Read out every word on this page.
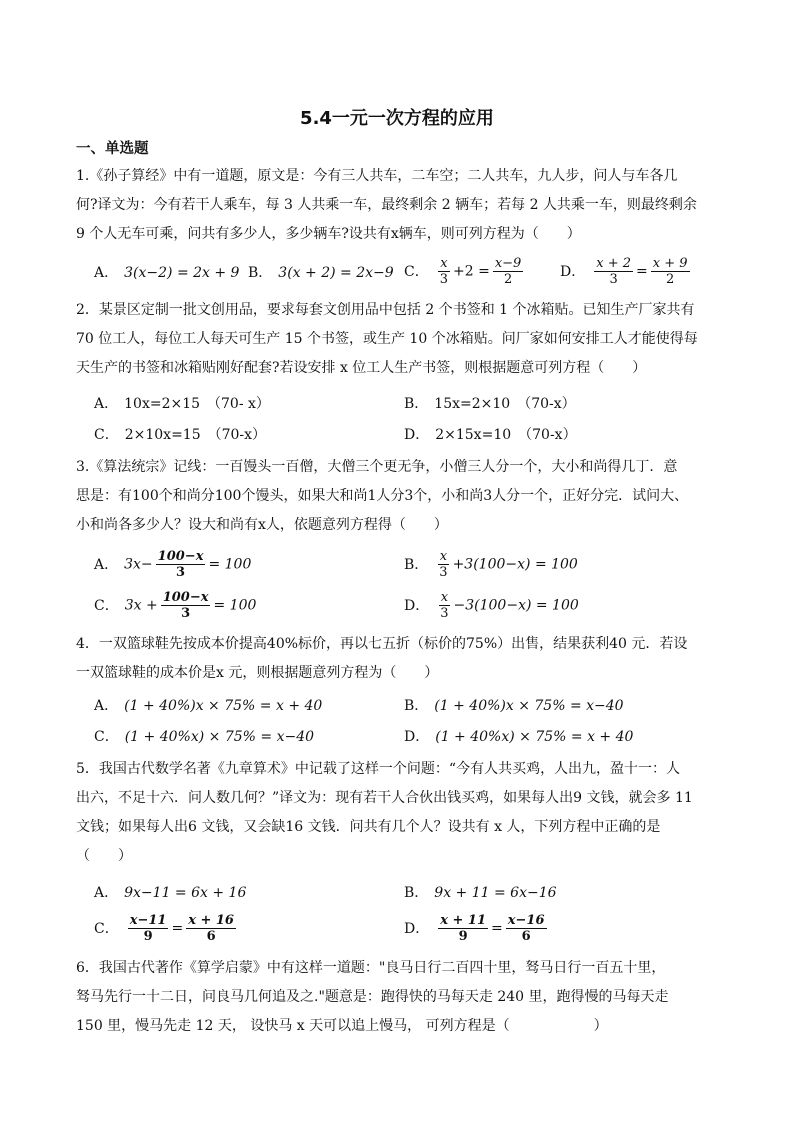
5.4一元一次方程的应用
一、单选题
1.《孙子算经》中有一道题，原文是：今有三人共车，二车空；二人共车，九人步，问人与车各几
何?译文为：今有若干人乘车，每 3 人共乘一车，最终剩余 2 辆车；若每 2 人共乘一车，则最终剩余
9 个人无车可乘，问共有多少人，多少辆车?设共有x辆车，则可列方程为（　　）
A． 3(x−2) = 2x + 9 B． 3(x + 2) = 2x−9 C． $\frac{x}{3} +2 = \frac{x-9}{2}$	D． $\frac{x + 2}{3} = \frac{x + 9}{2}$
2．某景区定制一批文创用品，要求每套文创用品中包括 2 个书签和 1 个冰箱贴。已知生产厂家共有
70 位工人，每位工人每天可生产 15 个书签，或生产 10 个冰箱贴。问厂家如何安排工人才能使得每
天生产的书签和冰箱贴刚好配套?若设安排 x 位工人生产书签，则根据题意可列方程（　　）
A． 10x=2×15　（70- x）	B． 15x=2×10　（70-x）
C． 2×10x=15　（70-x）	D． 2×15x=10　（70-x）
3.《算法统宗》记线：一百馒头一百僧，大僧三个更无争，小僧三人分一个，大小和尚得几丁．意
思是：有100个和尚分100个馒头，如果大和尚1人分3个，小和尚3人分一个，正好分完．试问大、
小和尚各多少人？设大和尚有x人，依题意列方程得（　　）
A． $3x- \frac{100-x}{3} = 100$	B． $\frac{x}{3} +3(100-x) = 100$
C． $3x + \frac{100-x}{3} = 100$	D． $\frac{x}{3} -3(100-x) = 100$
4．一双篮球鞋先按成本价提高40%标价，再以七五折（标价的75%）出售，结果获利40 元．若设
一双篮球鞋的成本价是x 元，则根据题意列方程为（　　）
A． (1 + 40%)x × 75% = x + 40	B． (1 + 40%)x × 75% = x−40
C． (1 + 40%x) × 75% = x−40	D． (1 + 40%x) × 75% = x + 40
5．我国古代数学名著《九章算术》中记载了这样一个问题：“今有人共买鸡，人出九，盈十一：人
出六，不足十六．问人数几何？”译文为：现有若干人合伙出钱买鸡，如果每人出9 文钱，就会多 11
文钱；如果每人出6 文钱，又会缺16 文钱．问共有几个人？设共有 x 人，下列方程中正确的是
（　　）
A． 9x−11 = 6x + 16	B． 9x + 11 = 6x−16
C． $\frac{x-11}{9} = \frac{x + 16}{6}$	D． $\frac{x + 11}{9} = \frac{x-16}{6}$
6．我国古代著作《算学启蒙》中有这样一道题："良马日行二百四十里，驽马日行一百五十里，
驽马先行一十二日，问良马几何追及之."题意是：跑得快的马每天走 240 里，跑得慢的马每天走
150 里，慢马先走 12 天， 设快马 x 天可以追上慢马， 可列方程是（　　　　　　）
